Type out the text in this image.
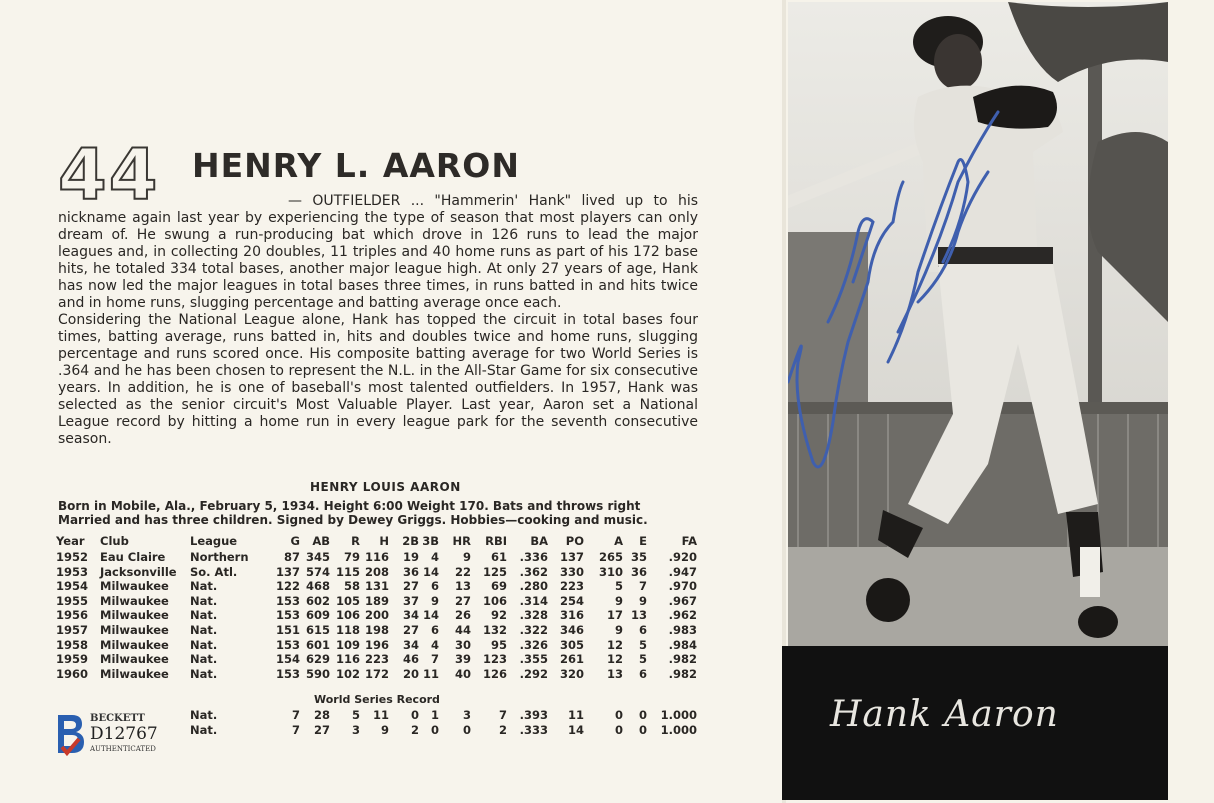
44 HENRY L. AARON

— OUTFIELDER ... "Hammerin' Hank" lived up to his nickname again last year by experiencing the type of season that most players can only dream of. He swung a run-producing bat which drove in 126 runs to lead the major leagues and, in collecting 20 doubles, 11 triples and 40 home runs as part of his 172 base hits, he totaled 334 total bases, another major league high. At only 27 years of age, Hank has now led the major leagues in total bases three times, in runs batted in and hits twice and in home runs, slugging percentage and batting average once each.

Considering the National League alone, Hank has topped the circuit in total bases four times, batting average, runs batted in, hits and doubles twice and home runs, slugging percentage and runs scored once. His composite batting average for two World Series is .364 and he has been chosen to represent the N.L. in the All-Star Game for six consecutive years. In addition, he is one of baseball's most talented outfielders. In 1957, Hank was selected as the senior circuit's Most Valuable Player. Last year, Aaron set a National League record by hitting a home run in every league park for the seventh consecutive season.

HENRY LOUIS AARON

Born in Mobile, Ala., February 5, 1934. Height 6:00 Weight 170. Bats and throws right

Married and has three children. Signed by Dewey Griggs. Hobbies—cooking and music.

Year	Club	League	G	AB	R	H	2B	3B	HR	RBI	BA	PO	A	E	FA
1952	Eau Claire	Northern	87	345	79	116	19	4	9	61	.336	137	265	35	.920
1953	Jacksonville	So. Atl.	137	574	115	208	36	14	22	125	.362	330	310	36	.947
1954	Milwaukee	Nat.	122	468	58	131	27	6	13	69	.280	223	5	7	.970
1955	Milwaukee	Nat.	153	602	105	189	37	9	27	106	.314	254	9	9	.967
1956	Milwaukee	Nat.	153	609	106	200	34	14	26	92	.328	316	17	13	.962
1957	Milwaukee	Nat.	151	615	118	198	27	6	44	132	.322	346	9	6	.983
1958	Milwaukee	Nat.	153	601	109	196	34	4	30	95	.326	305	12	5	.984
1959	Milwaukee	Nat.	154	629	116	223	46	7	39	123	.355	261	12	5	.982
1960	Milwaukee	Nat.	153	590	102	172	20	11	40	126	.292	320	13	6	.982
World Series Record
		Nat.	7	28	5	11	0	1	3	7	.393	11	0	0	1.000
		Nat.	7	27	3	9	2	0	0	2	.333	14	0	0	1.000
BECKETT
D12767
AUTHENTICATED
Hank Aaron
